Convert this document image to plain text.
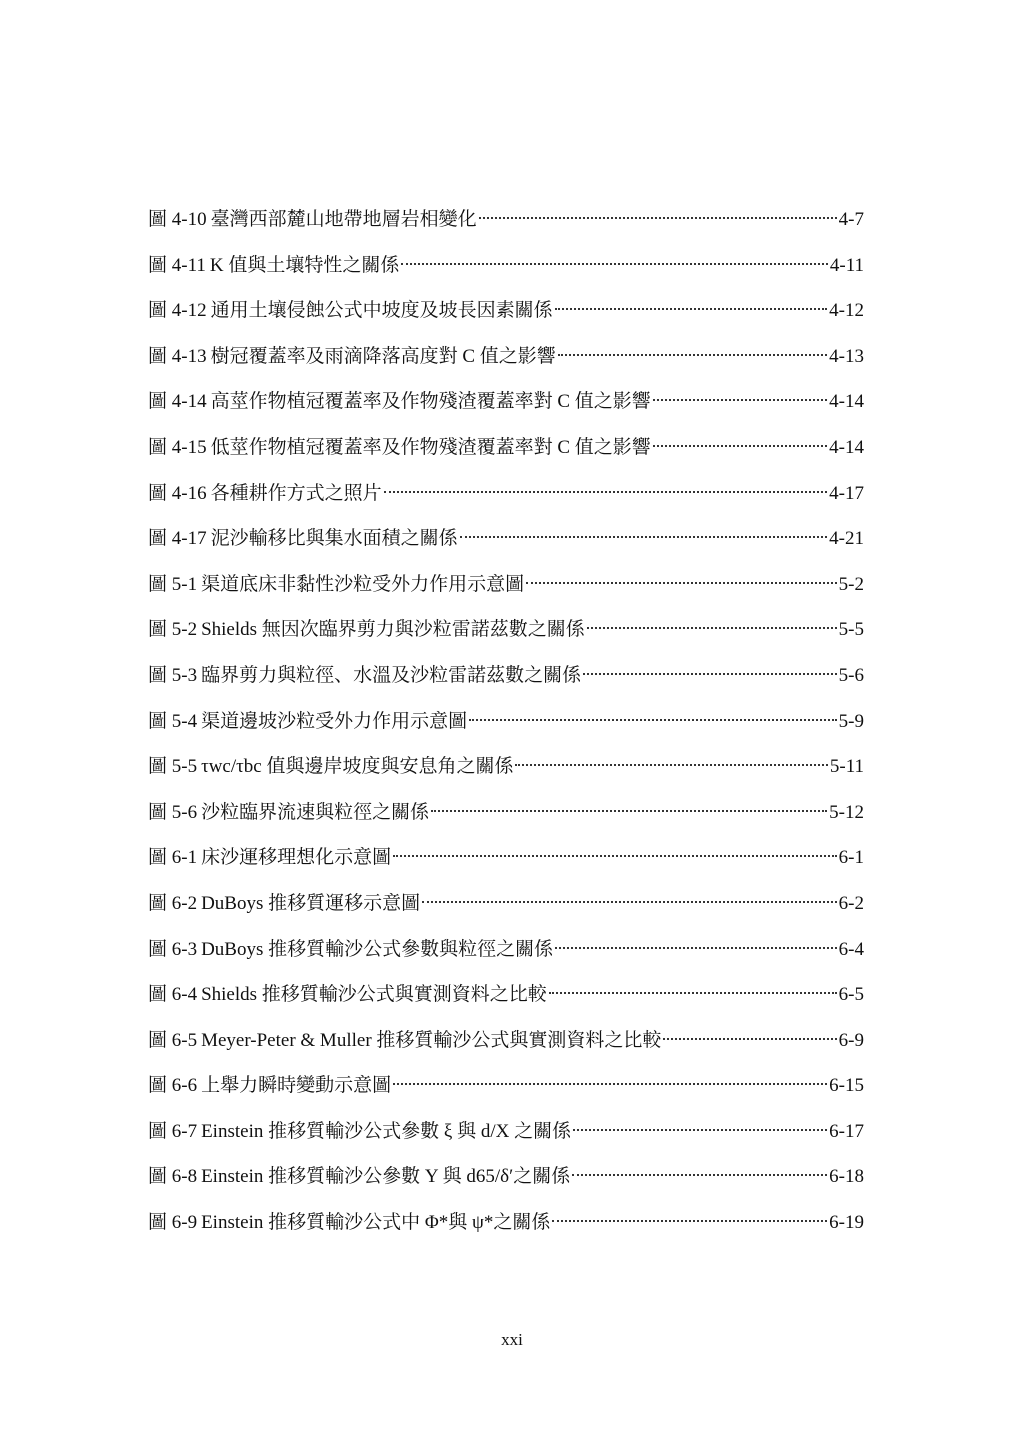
圖 4-10 臺灣西部麓山地帶地層岩相變化	4-7
圖 4-11 K 值與土壤特性之關係	4-11
圖 4-12 通用土壤侵蝕公式中坡度及坡長因素關係	4-12
圖 4-13 樹冠覆蓋率及雨滴降落高度對 C 值之影響	4-13
圖 4-14 高莖作物植冠覆蓋率及作物殘渣覆蓋率對 C 值之影響	4-14
圖 4-15 低莖作物植冠覆蓋率及作物殘渣覆蓋率對 C 值之影響	4-14
圖 4-16 各種耕作方式之照片	4-17
圖 4-17 泥沙輸移比與集水面積之關係	4-21
圖 5-1 渠道底床非黏性沙粒受外力作用示意圖	5-2
圖 5-2 Shields 無因次臨界剪力與沙粒雷諾茲數之關係	5-5
圖 5-3 臨界剪力與粒徑、水溫及沙粒雷諾茲數之關係	5-6
圖 5-4 渠道邊坡沙粒受外力作用示意圖	5-9
圖 5-5 τwc/τbc 值與邊岸坡度與安息角之關係	5-11
圖 5-6 沙粒臨界流速與粒徑之關係	5-12
圖 6-1 床沙運移理想化示意圖	6-1
圖 6-2 DuBoys 推移質運移示意圖	6-2
圖 6-3 DuBoys 推移質輸沙公式參數與粒徑之關係	6-4
圖 6-4 Shields 推移質輸沙公式與實測資料之比較	6-5
圖 6-5 Meyer-Peter & Muller 推移質輸沙公式與實測資料之比較	6-9
圖 6-6 上舉力瞬時變動示意圖	6-15
圖 6-7 Einstein 推移質輸沙公式參數 ξ 與 d/X 之關係	6-17
圖 6-8 Einstein 推移質輸沙公參數 Y 與 d65/δ′之關係	6-18
圖 6-9 Einstein 推移質輸沙公式中 Φ*與 ψ*之關係	6-19
xxi
